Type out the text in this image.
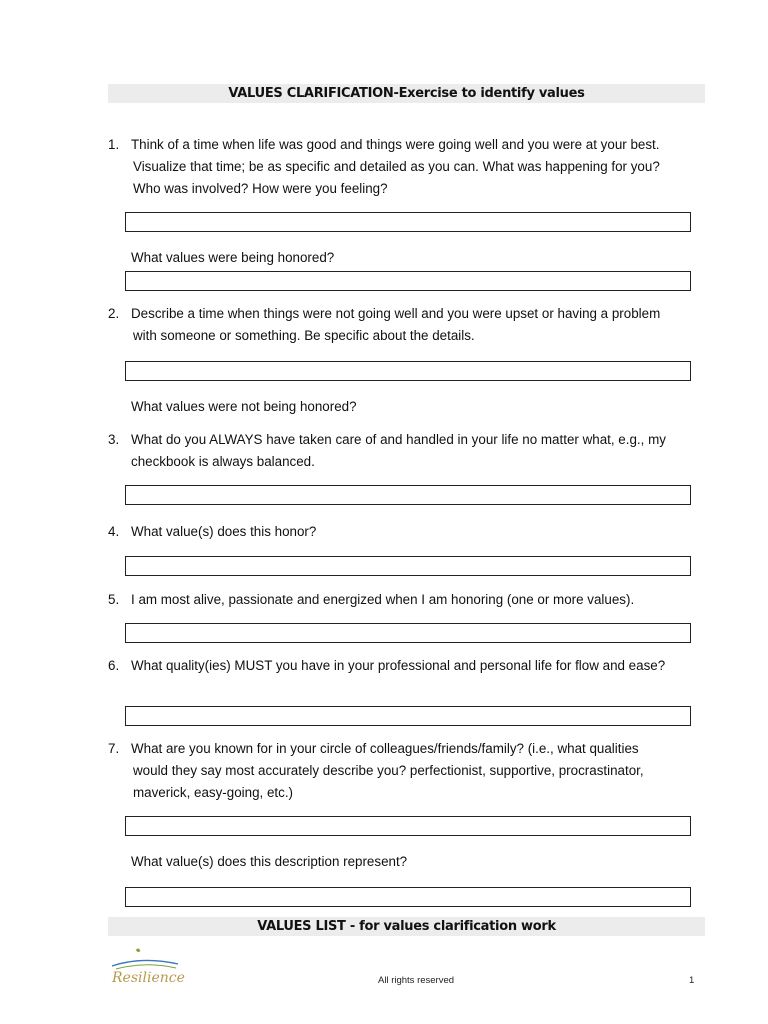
VALUES CLARIFICATION-Exercise to identify values
1. Think of a time when life was good and things were going well and you were at your best.
Visualize that time; be as specific and detailed as you can. What was happening for you?
Who was involved? How were you feeling?
What values were being honored?
2. Describe a time when things were not going well and you were upset or having a problem
with someone or something. Be specific about the details.
What values were not being honored?
3. What do you ALWAYS have taken care of and handled in your life no matter what, e.g., my
checkbook is always balanced.
4. What value(s) does this honor?
5. I am most alive, passionate and energized when I am honoring (one or more values).
6. What quality(ies) MUST you have in your professional and personal life for flow and ease?
7. What are you known for in your circle of colleagues/friends/family? (i.e., what qualities
would they say most accurately describe you? perfectionist, supportive, procrastinator,
maverick, easy-going, etc.)
What value(s) does this description represent?
VALUES LIST - for values clarification work
Resilience	All rights reserved	1
